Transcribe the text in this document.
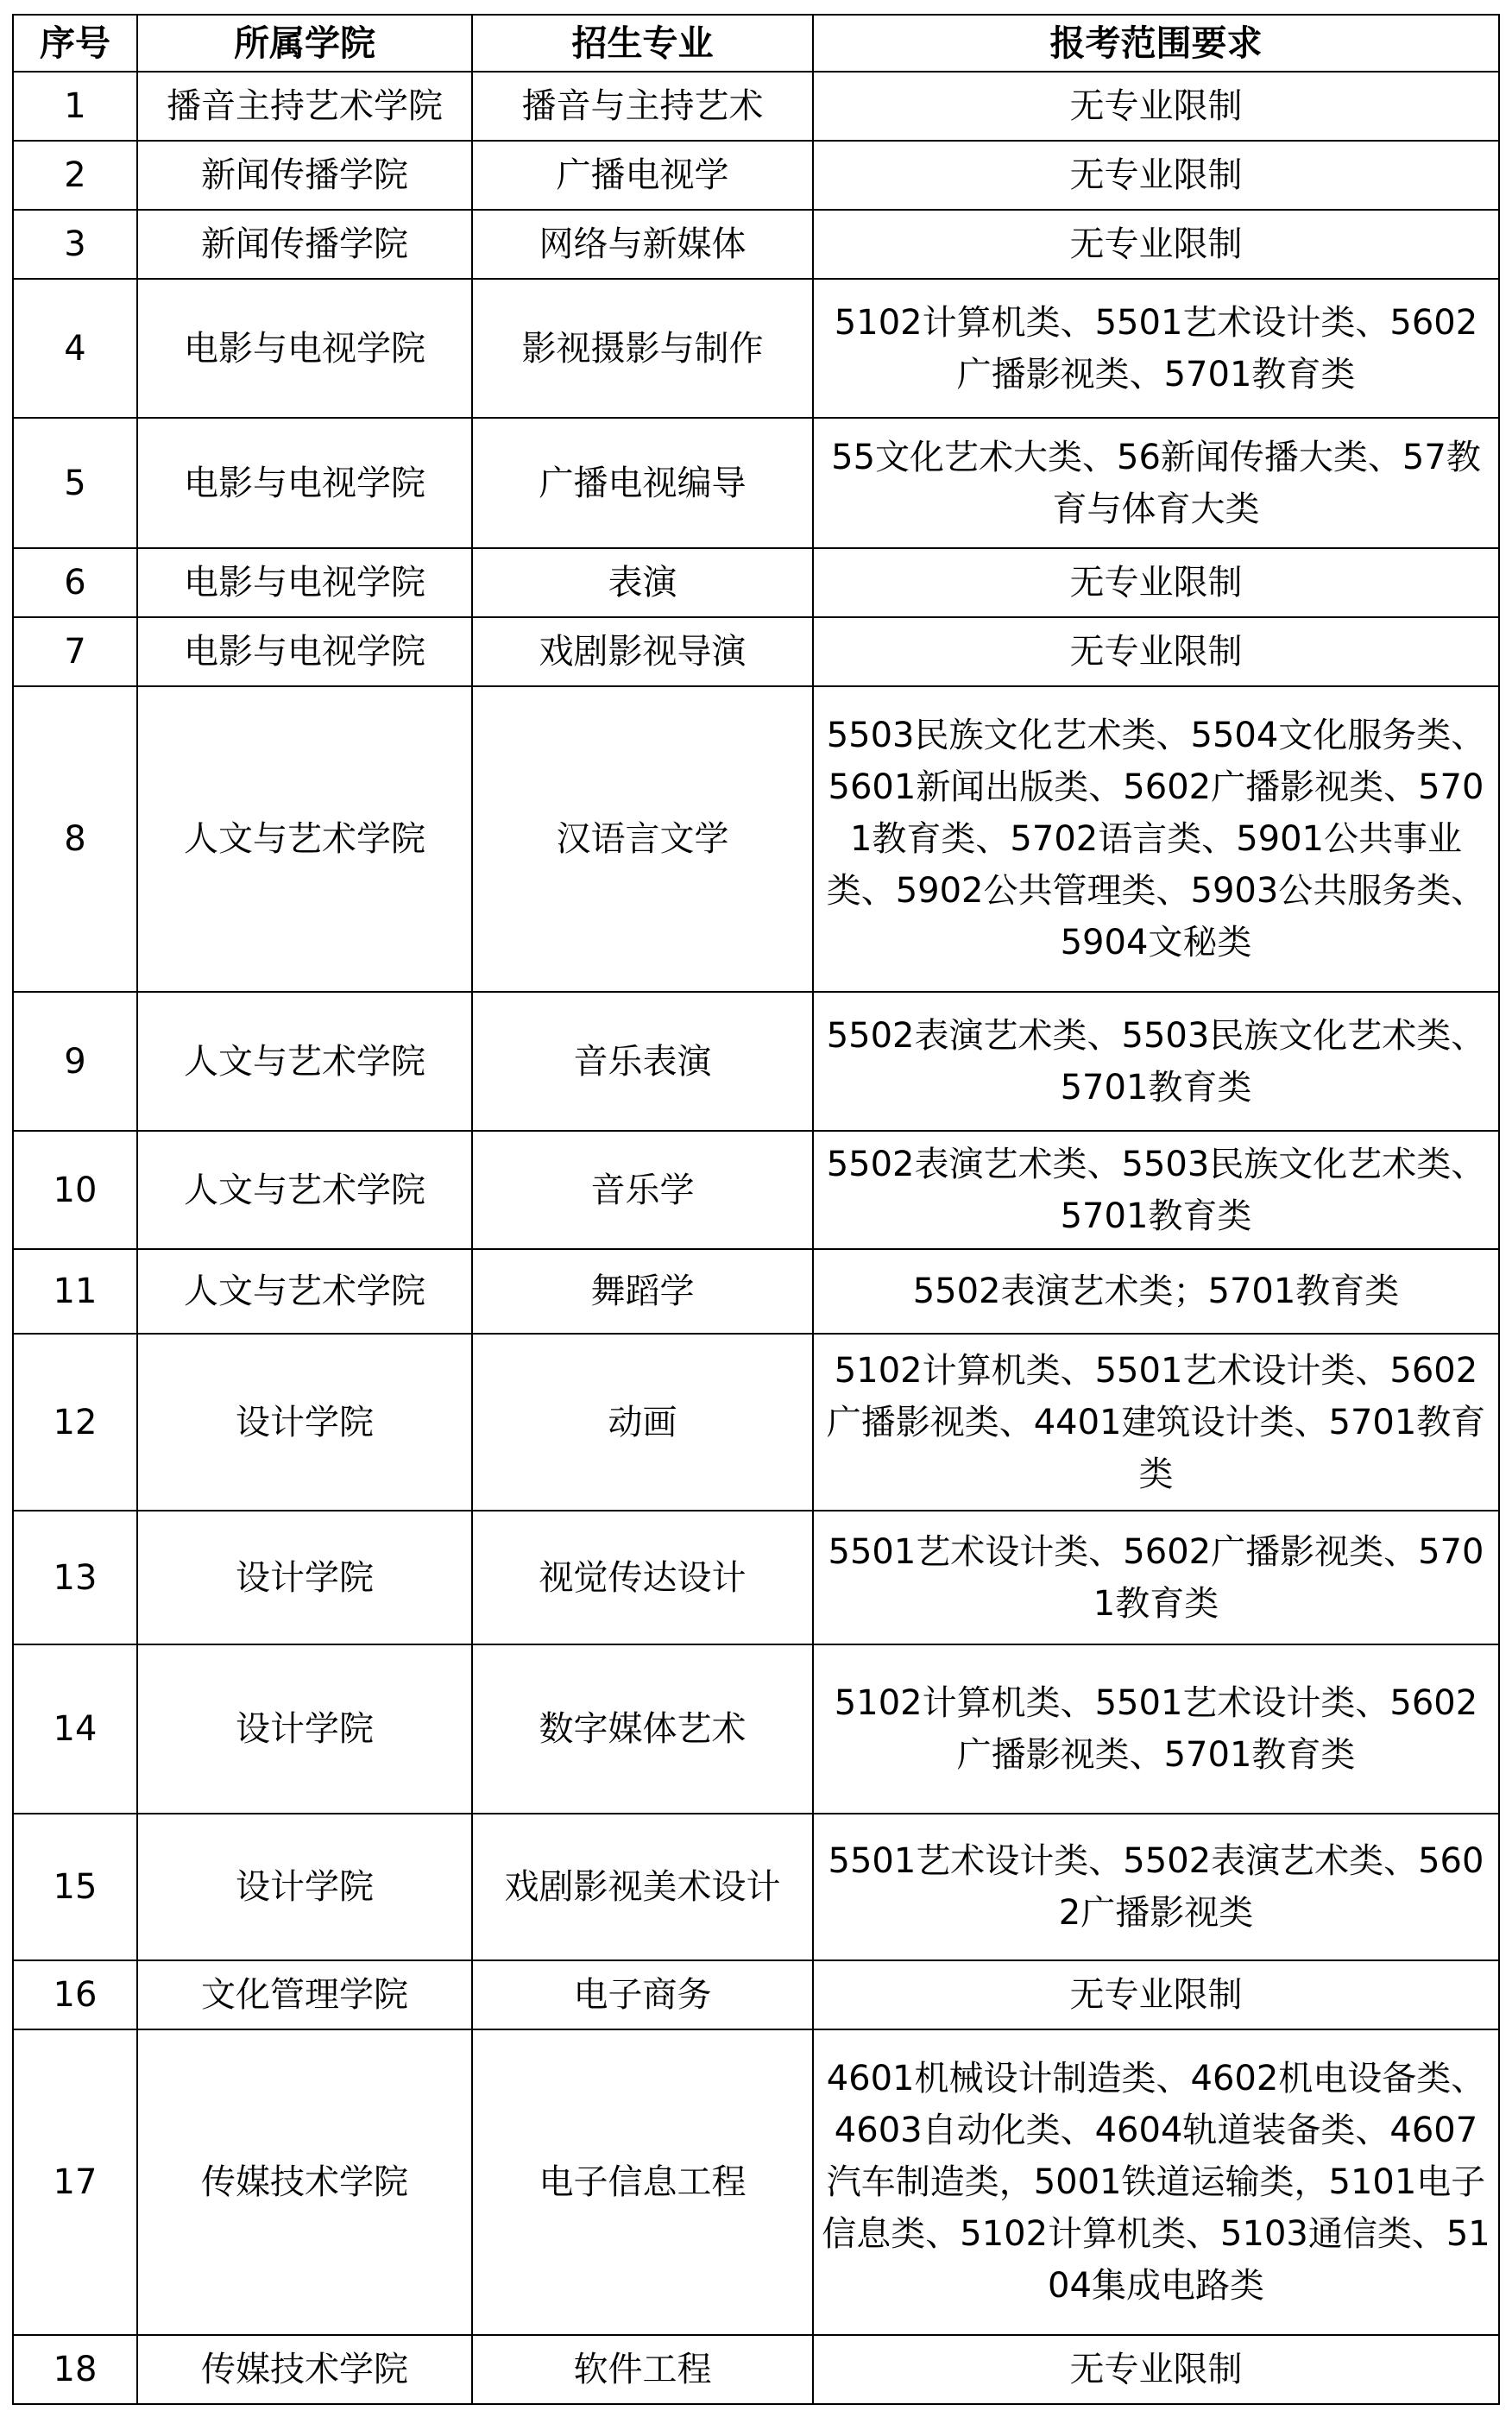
序号	所属学院	招生专业	报考范围要求
1	播音主持艺术学院	播音与主持艺术	无专业限制
2	新闻传播学院	广播电视学	无专业限制
3	新闻传播学院	网络与新媒体	无专业限制
4	电影与电视学院	影视摄影与制作	5102计算机类、5501艺术设计类、5602广播影视类、5701教育类
5	电影与电视学院	广播电视编导	55文化艺术大类、56新闻传播大类、57教育与体育大类
6	电影与电视学院	表演	无专业限制
7	电影与电视学院	戏剧影视导演	无专业限制
8	人文与艺术学院	汉语言文学	5503民族文化艺术类、5504文化服务类、5601新闻出版类、5602广播影视类、5701教育类、5702语言类、5901公共事业类、5902公共管理类、5903公共服务类、5904文秘类
9	人文与艺术学院	音乐表演	5502表演艺术类、5503民族文化艺术类、5701教育类
10	人文与艺术学院	音乐学	5502表演艺术类、5503民族文化艺术类、5701教育类
11	人文与艺术学院	舞蹈学	5502表演艺术类；5701教育类
12	设计学院	动画	5102计算机类、5501艺术设计类、5602广播影视类、4401建筑设计类、5701教育类
13	设计学院	视觉传达设计	5501艺术设计类、5602广播影视类、5701教育类
14	设计学院	数字媒体艺术	5102计算机类、5501艺术设计类、5602广播影视类、5701教育类
15	设计学院	戏剧影视美术设计	5501艺术设计类、5502表演艺术类、5602广播影视类
16	文化管理学院	电子商务	无专业限制
17	传媒技术学院	电子信息工程	4601机械设计制造类、4602机电设备类、4603自动化类、4604轨道装备类、4607汽车制造类，5001铁道运输类，5101电子信息类、5102计算机类、5103通信类、5104集成电路类
18	传媒技术学院	软件工程	无专业限制
